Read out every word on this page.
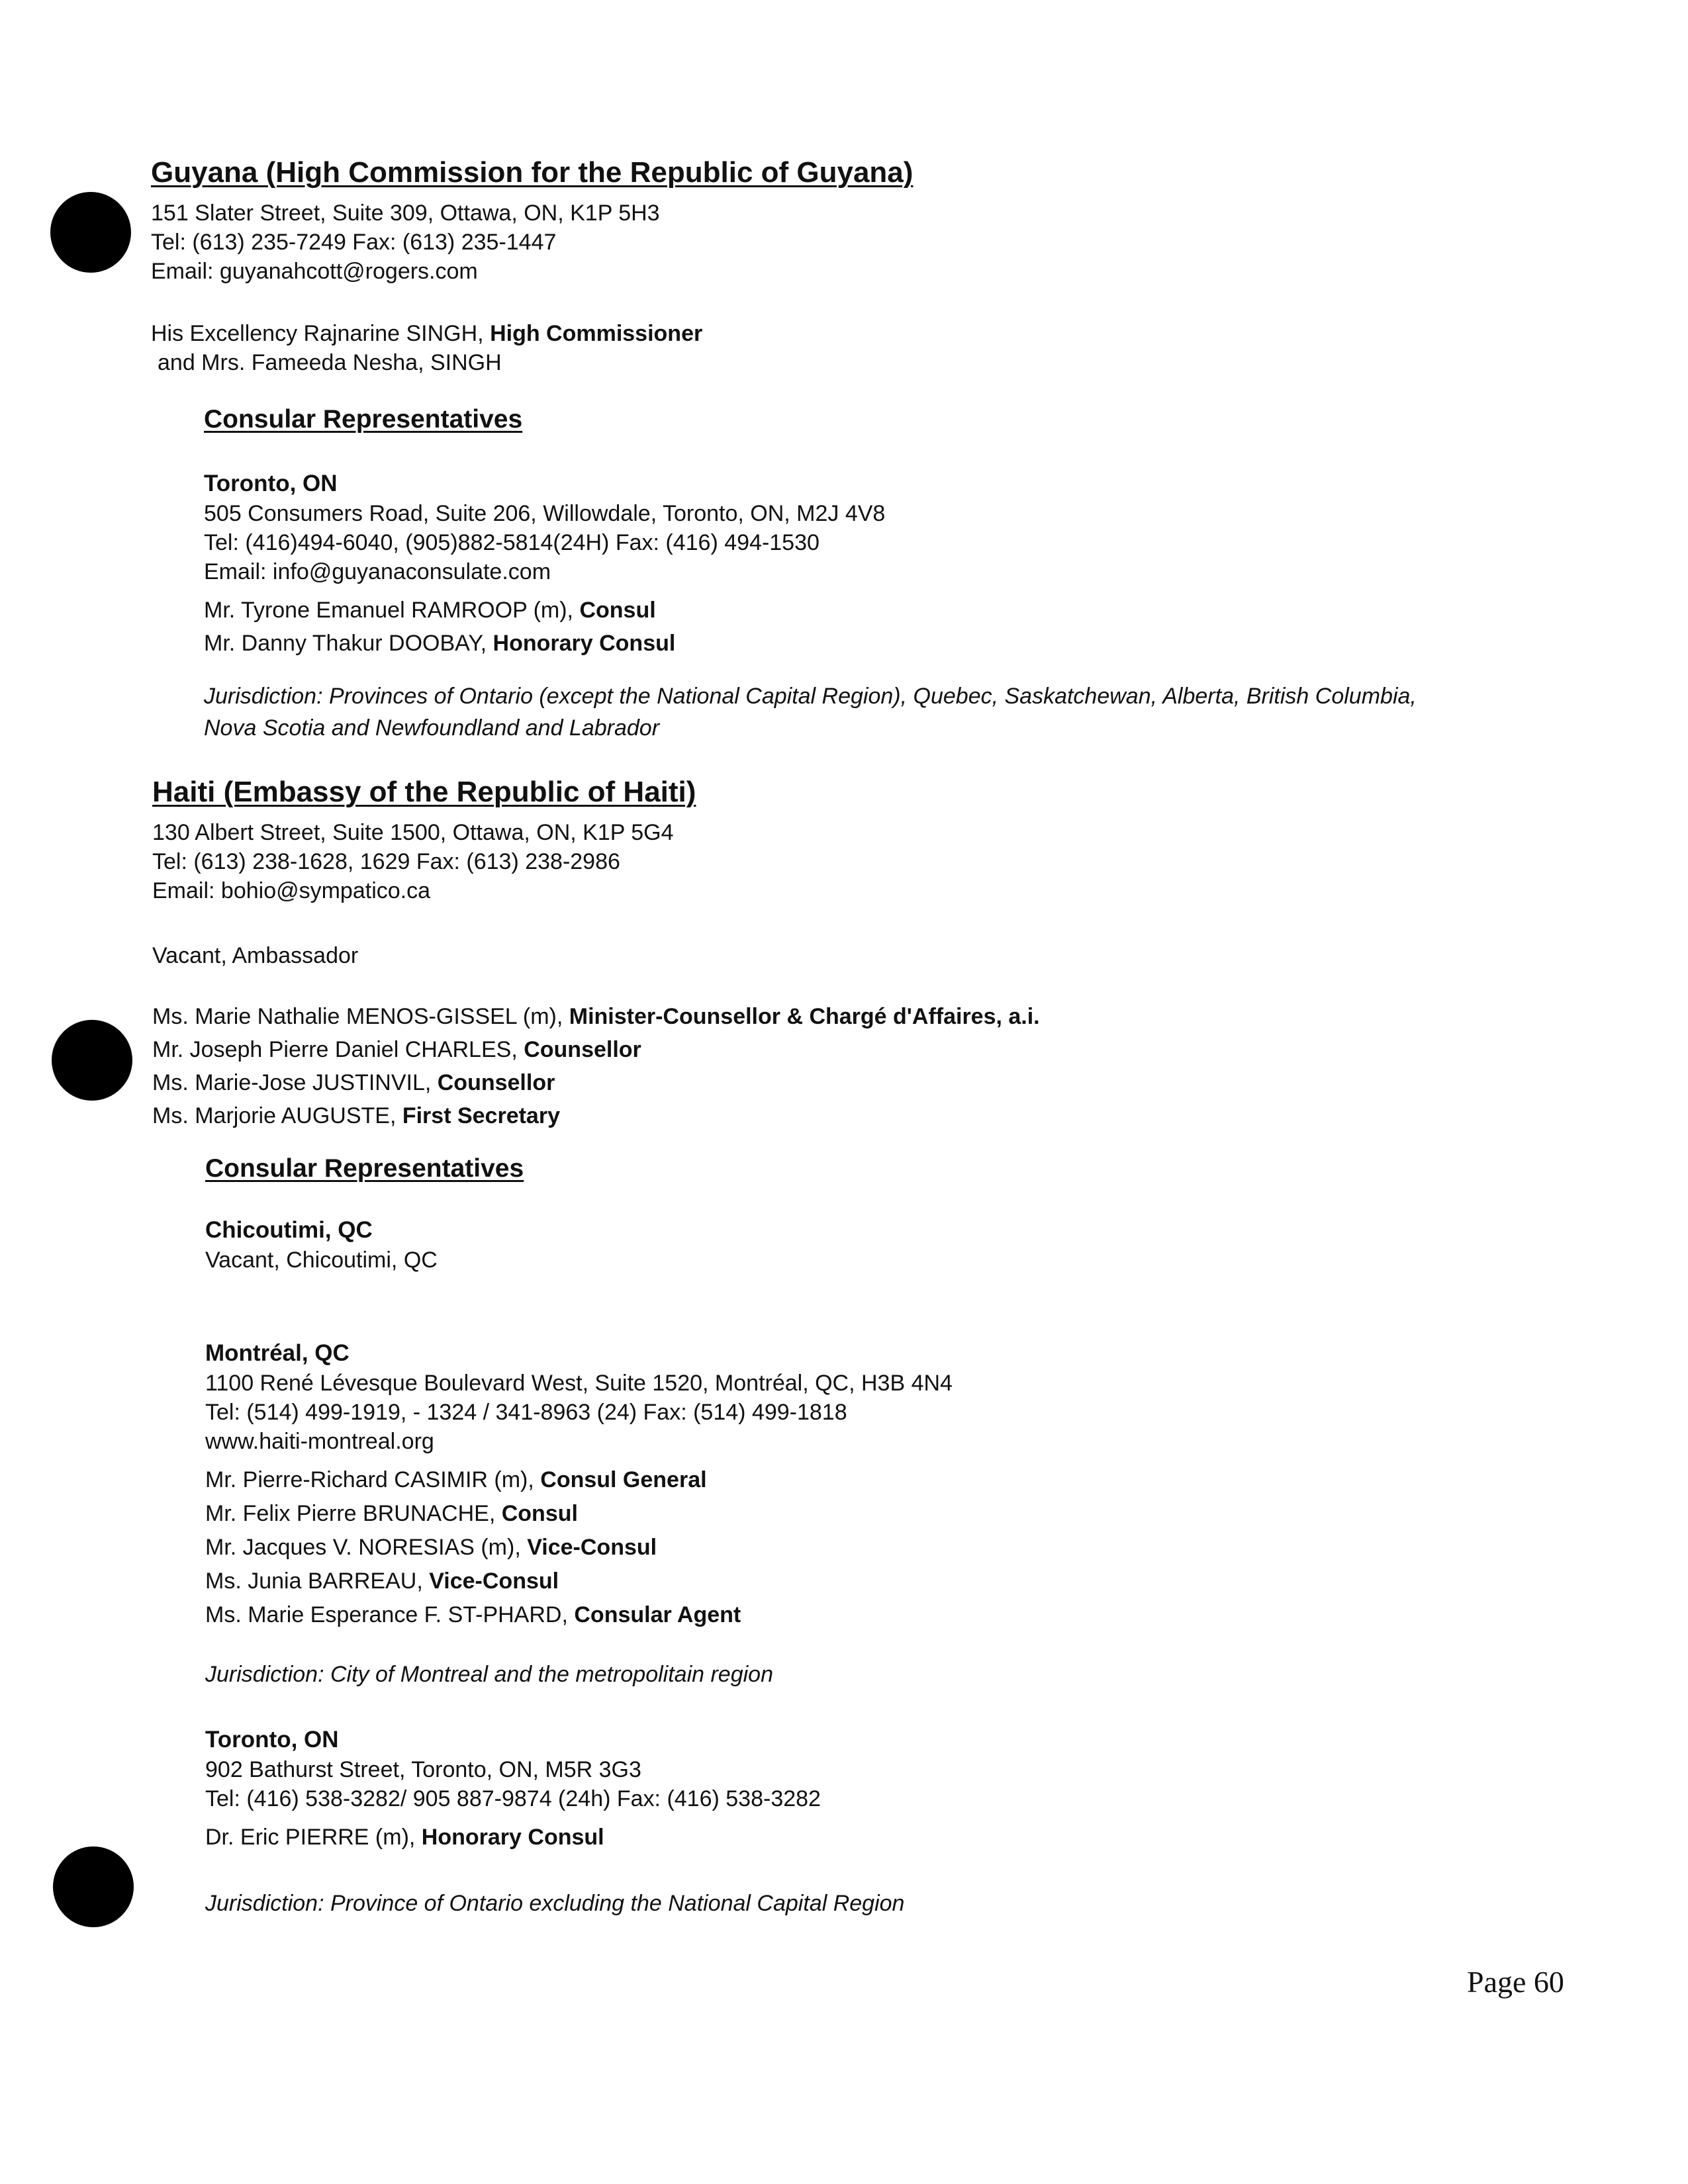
Guyana (High Commission for the Republic of Guyana)
151 Slater Street, Suite 309, Ottawa, ON, K1P 5H3
Tel: (613) 235-7249 Fax: (613) 235-1447
Email: guyanahcott@rogers.com
His Excellency Rajnarine SINGH, High Commissioner
and Mrs. Fameeda Nesha, SINGH
Consular Representatives
Toronto, ON
505 Consumers Road, Suite 206, Willowdale, Toronto, ON, M2J 4V8
Tel: (416)494-6040, (905)882-5814(24H) Fax: (416) 494-1530
Email: info@guyanaconsulate.com
Mr. Tyrone Emanuel RAMROOP (m), Consul
Mr. Danny Thakur DOOBAY, Honorary Consul
Jurisdiction: Provinces of Ontario (except the National Capital Region), Quebec, Saskatchewan, Alberta, British Columbia, Nova Scotia and Newfoundland and Labrador
Haiti (Embassy of the Republic of Haiti)
130 Albert Street, Suite 1500, Ottawa, ON, K1P 5G4
Tel: (613) 238-1628, 1629 Fax: (613) 238-2986
Email: bohio@sympatico.ca
Vacant, Ambassador
Ms. Marie Nathalie MENOS-GISSEL (m), Minister-Counsellor & Chargé d'Affaires, a.i.
Mr. Joseph Pierre Daniel CHARLES, Counsellor
Ms. Marie-Jose JUSTINVIL, Counsellor
Ms. Marjorie AUGUSTE, First Secretary
Consular Representatives
Chicoutimi, QC
Vacant, Chicoutimi, QC
Montréal, QC
1100 René Lévesque Boulevard West, Suite 1520, Montréal, QC, H3B 4N4
Tel: (514) 499-1919, - 1324 / 341-8963 (24) Fax: (514) 499-1818
www.haiti-montreal.org
Mr. Pierre-Richard CASIMIR (m), Consul General
Mr. Felix Pierre BRUNACHE, Consul
Mr. Jacques V. NORESIAS (m), Vice-Consul
Ms. Junia BARREAU, Vice-Consul
Ms. Marie Esperance F. ST-PHARD, Consular Agent
Jurisdiction: City of Montreal and the metropolitain region
Toronto, ON
902 Bathurst Street, Toronto, ON, M5R 3G3
Tel: (416) 538-3282/ 905 887-9874 (24h) Fax: (416) 538-3282
Dr. Eric PIERRE (m), Honorary Consul
Jurisdiction: Province of Ontario excluding the National Capital Region
Page 60
